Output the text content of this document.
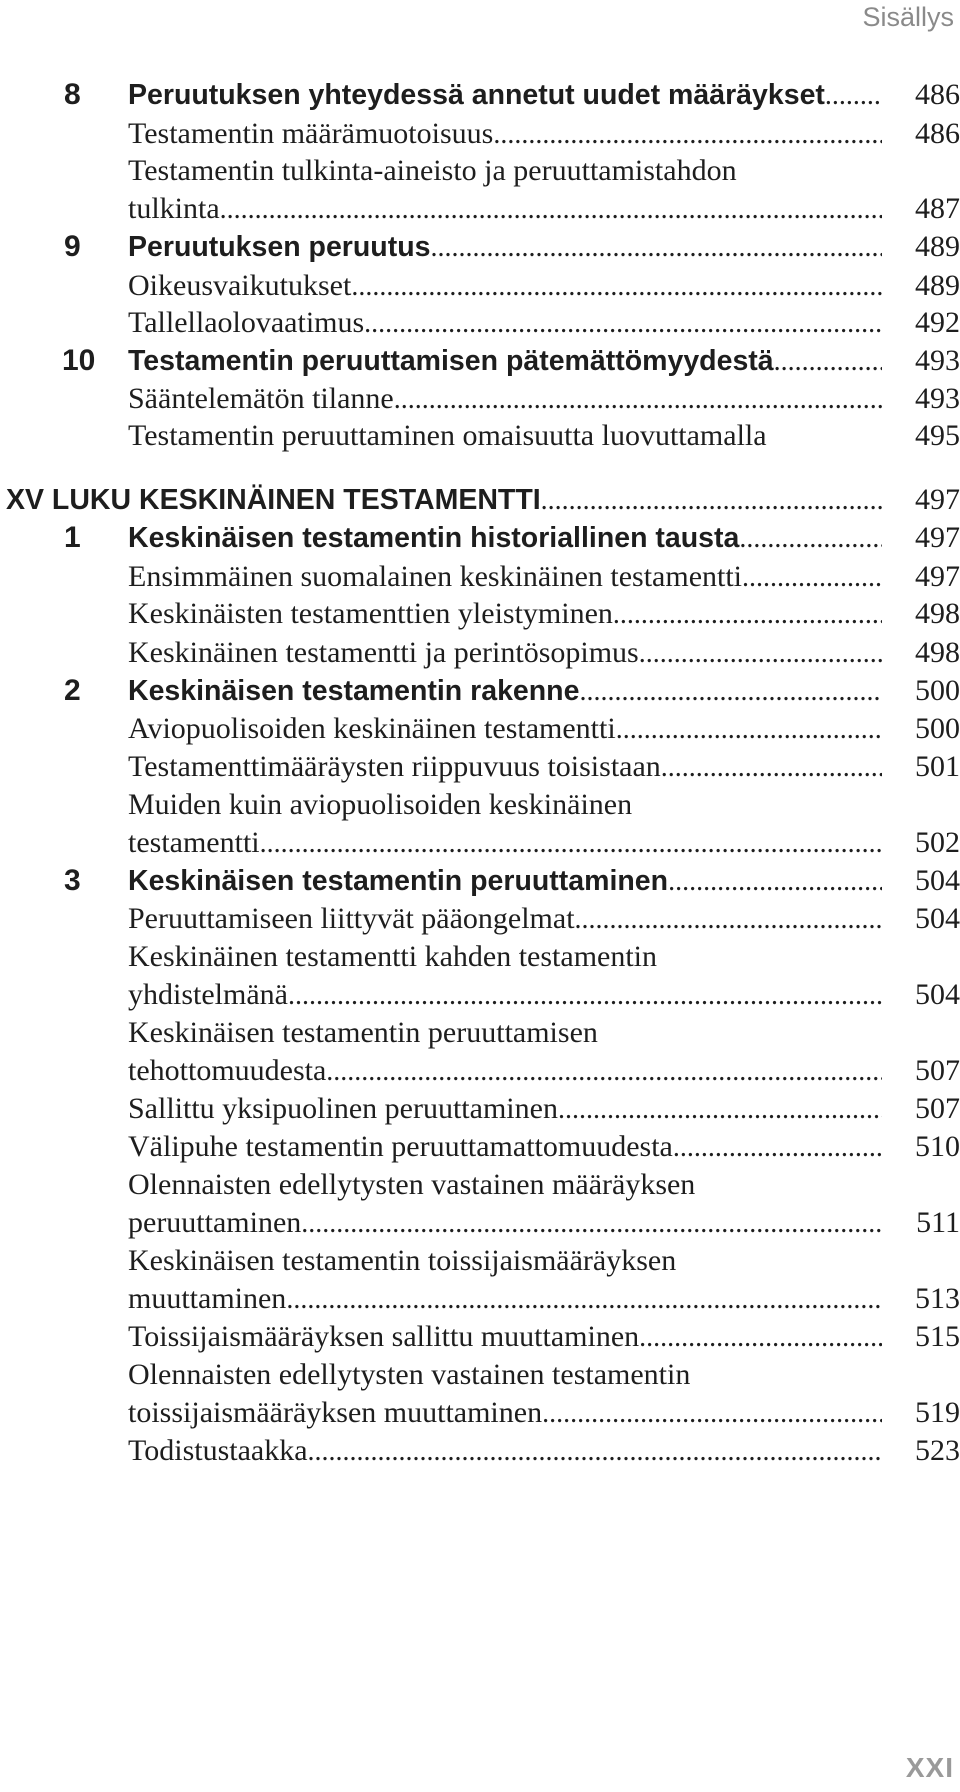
Sisällys
8	Peruutuksen yhteydessä annetut uudet määräykset .....	486
Testamentin määrämuotoisuus .....	486
Testamentin tulkinta-aineisto ja peruuttamistahdon
tulkinta .....	487
9	Peruutuksen peruutus .....	489
Oikeusvaikutukset .....	489
Tallellaolovaatimus .....	492
10	Testamentin peruuttamisen pätemättömyydestä .....	493
Sääntelemätön tilanne .....	493
Testamentin peruuttaminen omaisuutta luovuttamalla	495
XV LUKU KESKINÄINEN TESTAMENTTI .....	497
1	Keskinäisen testamentin historiallinen tausta .....	497
Ensimmäinen suomalainen keskinäinen testamentti .....	497
Keskinäisten testamenttien yleistyminen .....	498
Keskinäinen testamentti ja perintösopimus .....	498
2	Keskinäisen testamentin rakenne .....	500
Aviopuolisoiden keskinäinen testamentti .....	500
Testamenttimääräysten riippuvuus toisistaan .....	501
Muiden kuin aviopuolisoiden keskinäinen
testamentti .....	502
3	Keskinäisen testamentin peruuttaminen .....	504
Peruuttamiseen liittyvät pääongelmat .....	504
Keskinäinen testamentti kahden testamentin
yhdistelmänä .....	504
Keskinäisen testamentin peruuttamisen
tehottomuudesta .....	507
Sallittu yksipuolinen peruuttaminen .....	507
Välipuhe testamentin peruuttamattomuudesta .....	510
Olennaisten edellytysten vastainen määräyksen
peruuttaminen .....	511
Keskinäisen testamentin toissijaismääräyksen
muuttaminen .....	513
Toissijaismääräyksen sallittu muuttaminen .....	515
Olennaisten edellytysten vastainen testamentin
toissijaismääräyksen muuttaminen .....	519
Todistustaakka .....	523
XXI
